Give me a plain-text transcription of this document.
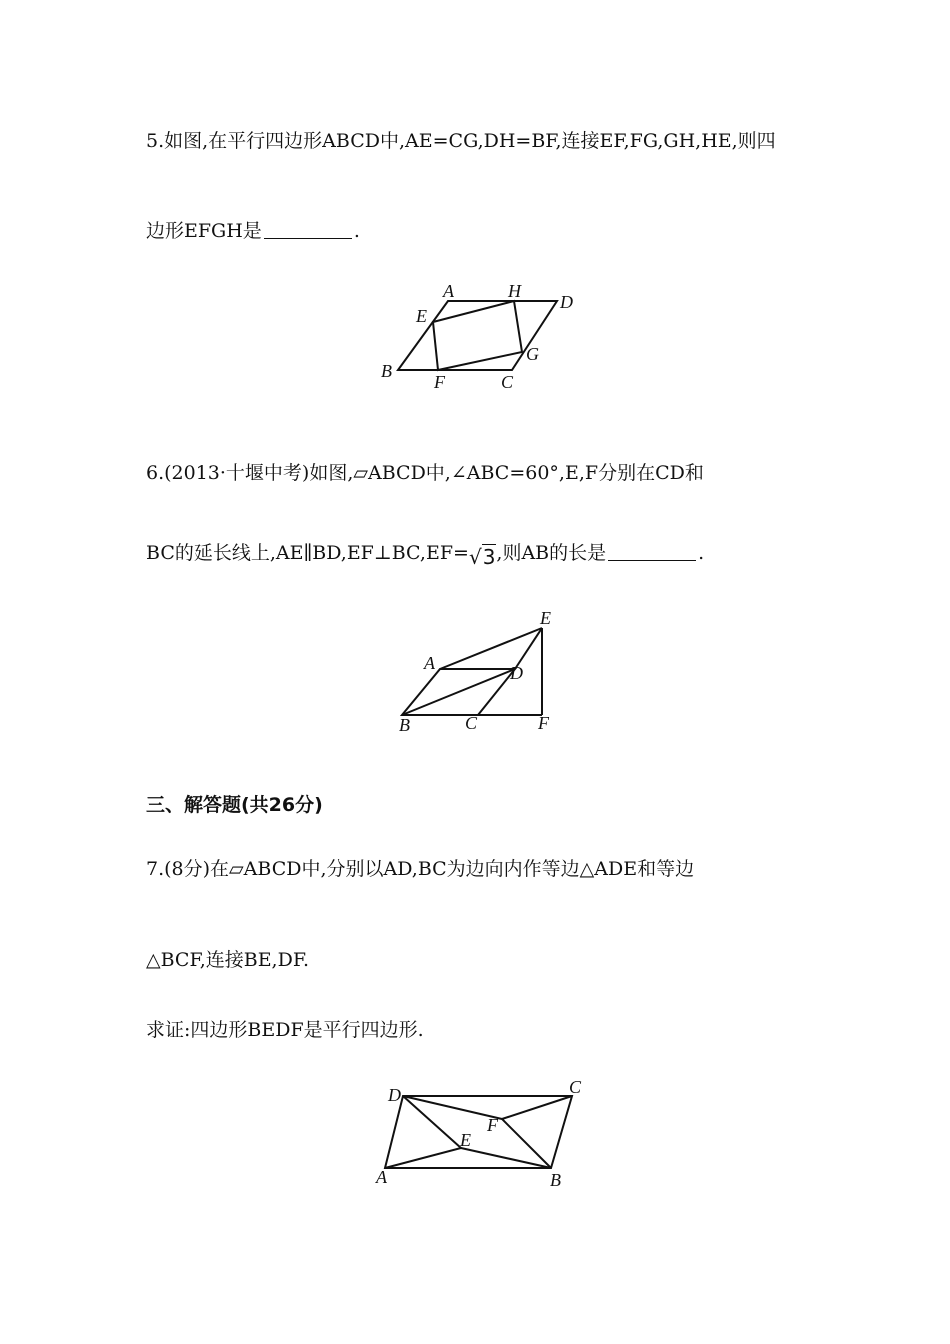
5.如图,在平行四边形ABCD中,AE=CG,DH=BF,连接EF,FG,GH,HE,则四
边形EFGH是	.
A	H
D
E
G
B
F	C
6.(2013·十堰中考)如图,▱ABCD中,∠ABC=60°,E,F分别在CD和
BC的延长线上,AE∥BD,EF⊥BC,EF=√3,则AB的长是	.
E
A	D
B	C	F
三、解答题(共26分)
7.(8分)在▱ABCD中,分别以AD,BC为边向内作等边△ADE和等边
△BCF,连接BE,DF.
求证:四边形BEDF是平行四边形.
D	C
F
E
A	B
